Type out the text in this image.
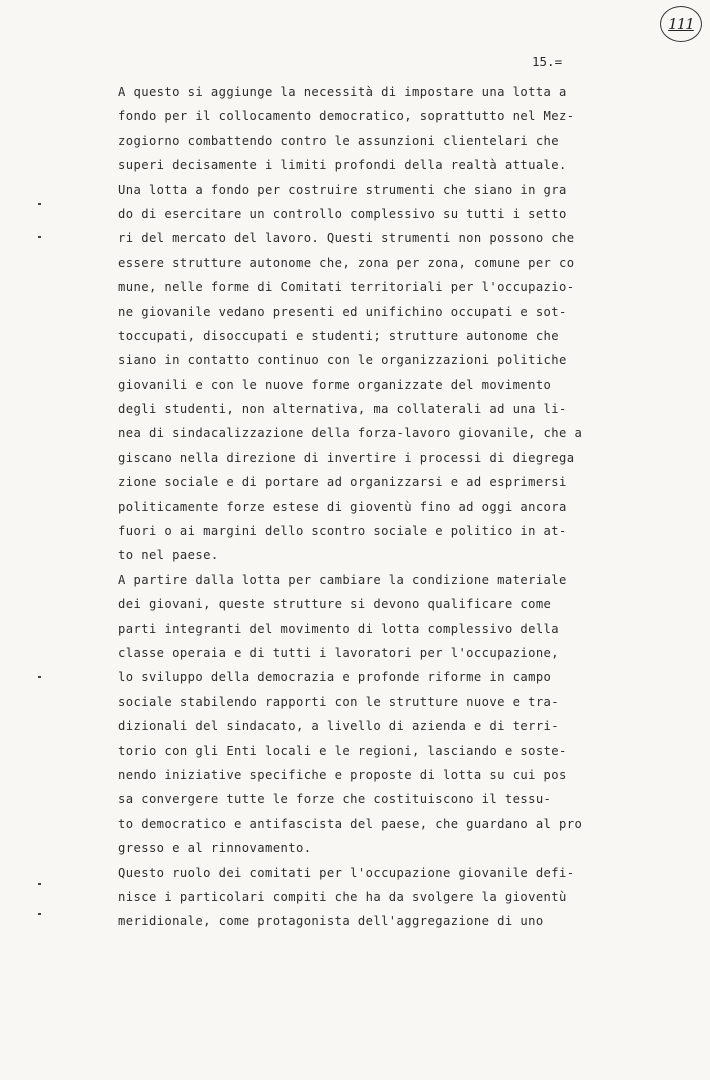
111
15.=
A questo si aggiunge la necessità di impostare una lotta a
fondo per il collocamento democratico, soprattutto nel Mez-
zogiorno combattendo contro le assunzioni clientelari che
superi decisamente i limiti profondi della realtà attuale.
Una lotta a fondo per costruire strumenti che siano in gra
do di esercitare un controllo complessivo su tutti i setto
ri del mercato del lavoro. Questi strumenti non possono che
essere strutture autonome che, zona per zona, comune per co
mune, nelle forme di Comitati territoriali per l'occupazio-
ne giovanile vedano presenti ed unifichino occupati e sot-
toccupati, disoccupati e studenti; strutture autonome che
siano in contatto continuo con le organizzazioni politiche
giovanili e con le nuove forme organizzate del movimento
degli studenti, non alternativa, ma collaterali ad una li-
nea di sindacalizzazione della forza-lavoro giovanile, che a
giscano nella direzione di invertire i processi di diegrega
zione sociale e di portare ad organizzarsi e ad esprimersi
politicamente forze estese di gioventù fino ad oggi ancora
fuori o ai margini dello scontro sociale e politico in at-
to nel paese.
A partire dalla lotta per cambiare la condizione materiale
dei giovani, queste strutture si devono qualificare come
parti integranti del movimento di lotta complessivo della
classe operaia e di tutti i lavoratori per l'occupazione,
lo sviluppo della democrazia e profonde riforme in campo
sociale stabilendo rapporti con le strutture nuove e tra-
dizionali del sindacato, a livello di azienda e di terri-
torio con gli Enti locali e le regioni, lasciando e soste-
nendo iniziative specifiche e proposte di lotta su cui pos
sa convergere tutte le forze che costituiscono il tessu-
to democratico e antifascista del paese, che guardano al pro
gresso e al rinnovamento.
Questo ruolo dei comitati per l'occupazione giovanile defi-
nisce i particolari compiti che ha da svolgere la gioventù
meridionale, come protagonista dell'aggregazione di uno
